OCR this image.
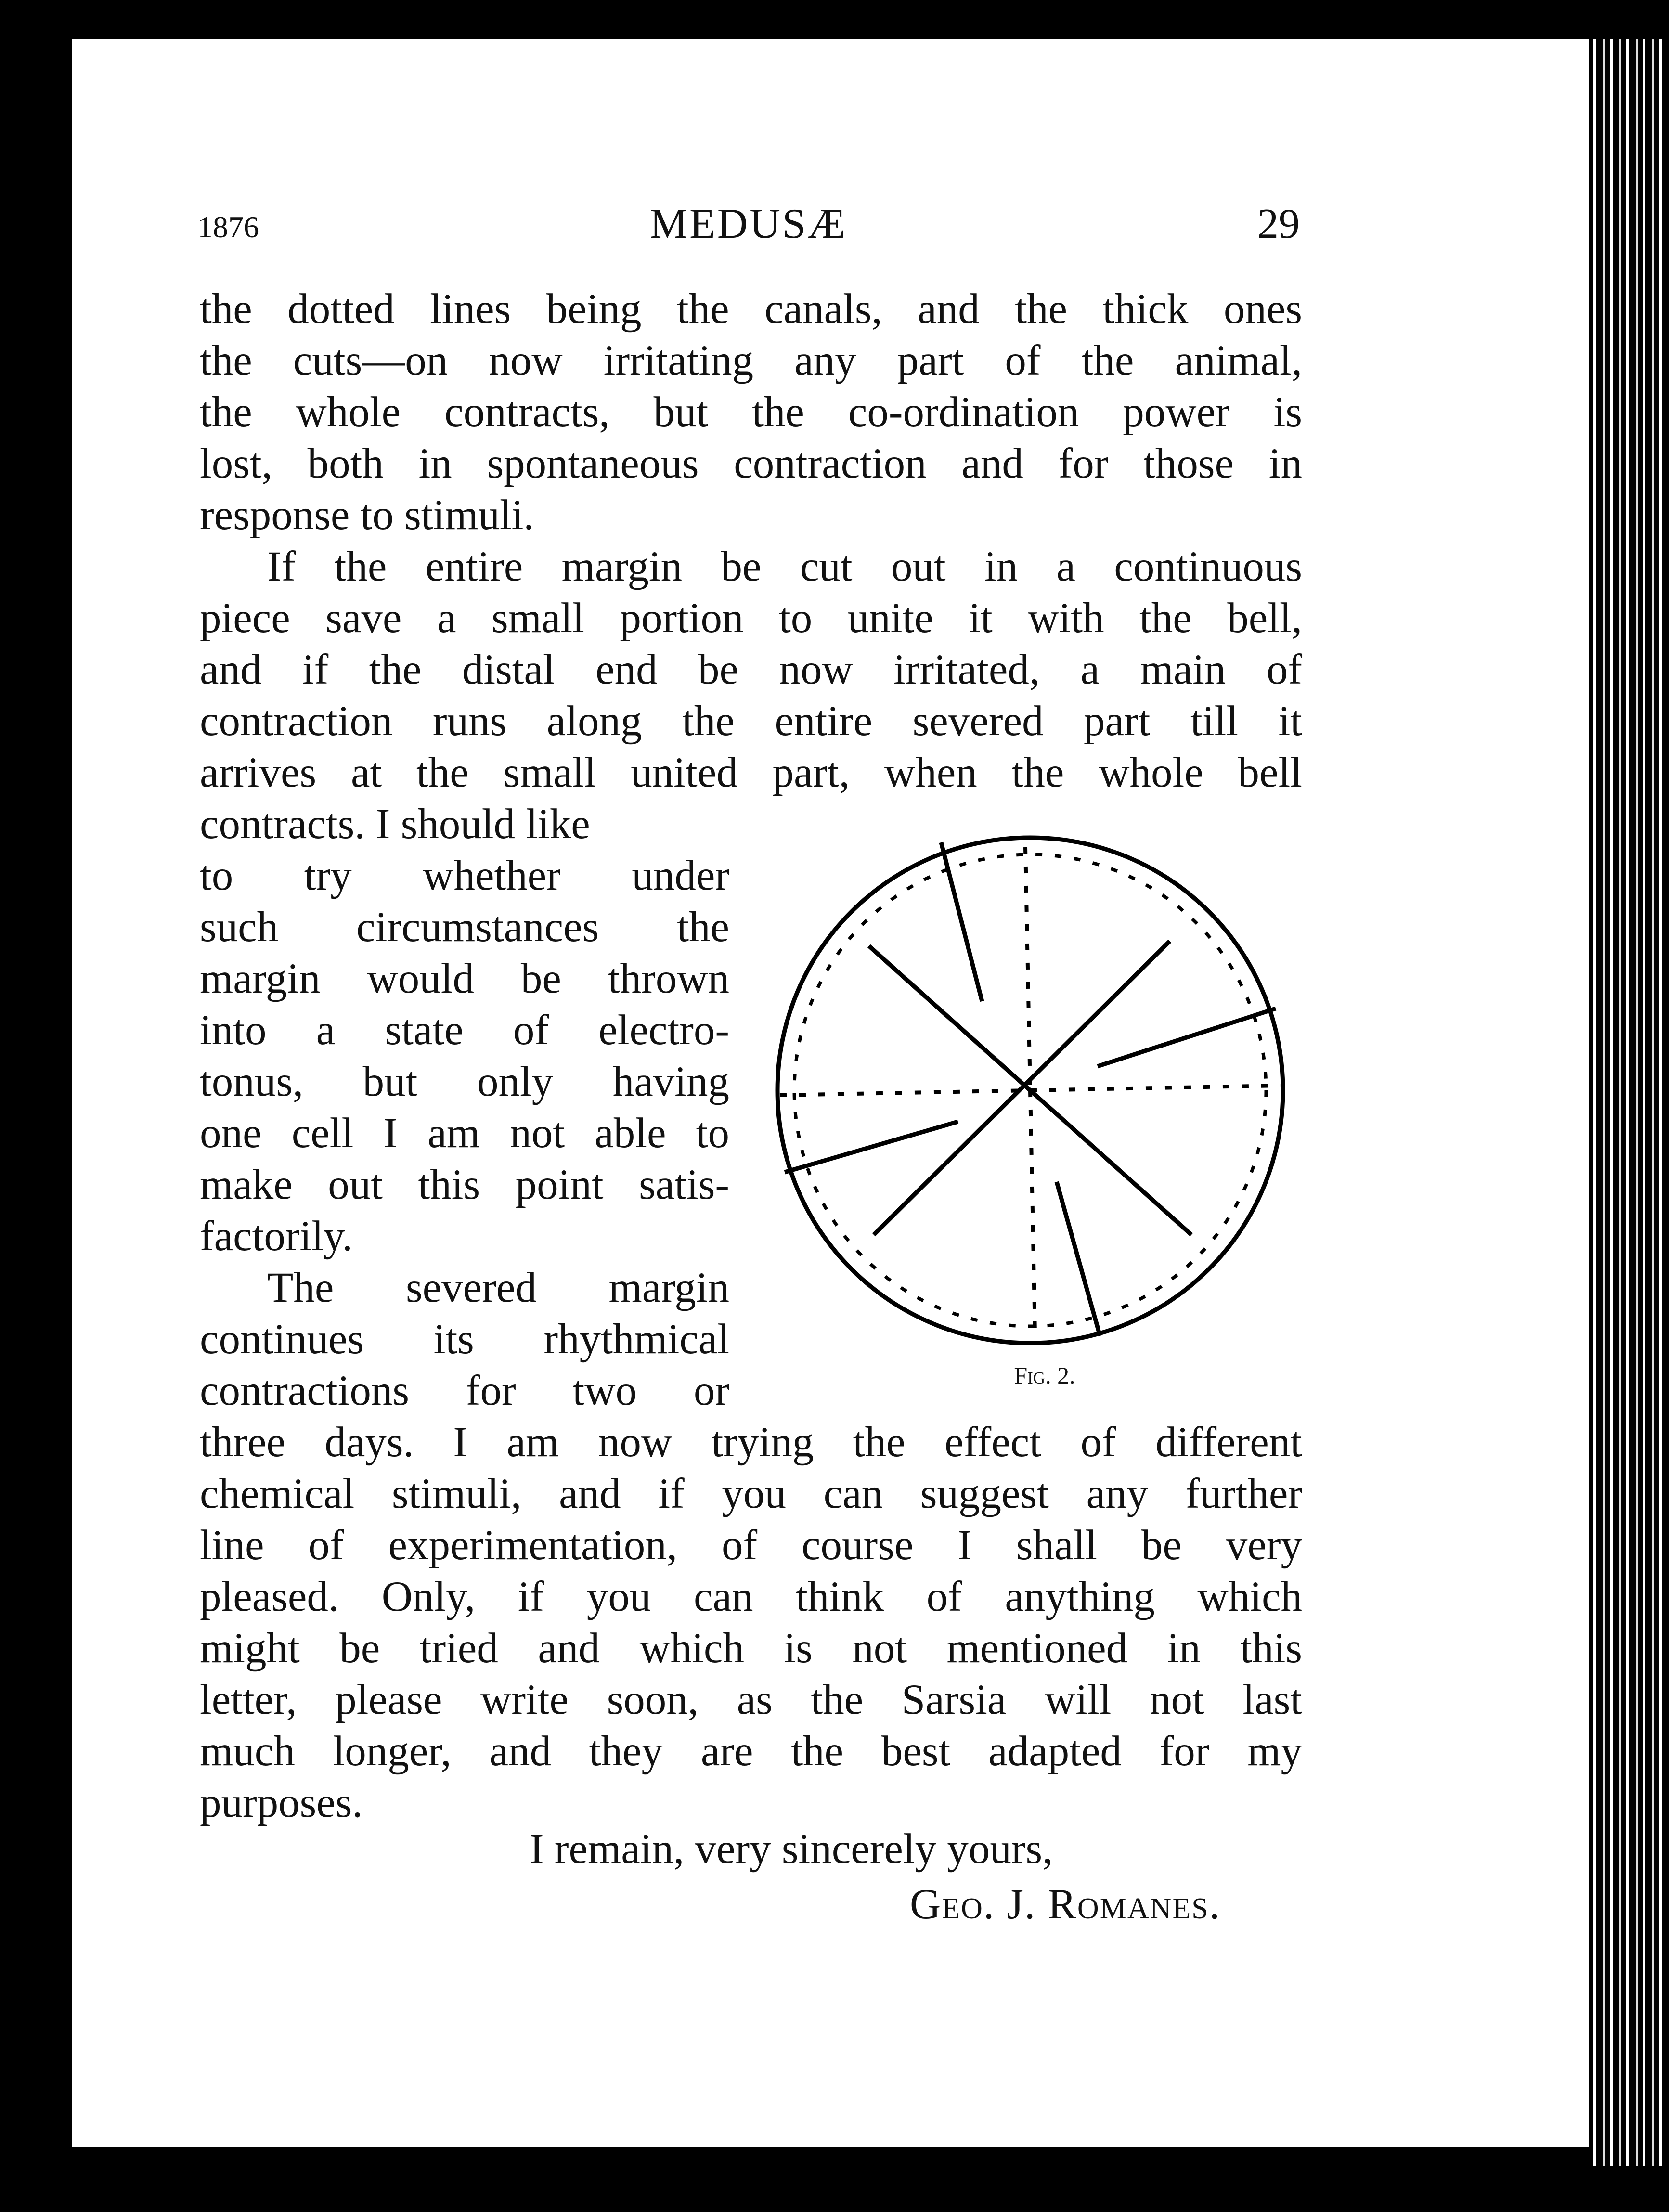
1876	MEDUSÆ	29
the dotted lines being the canals, and the thick ones
the cuts—on now irritating any part of the animal,
the whole contracts, but the co-ordination power is
lost, both in spontaneous contraction and for those in
response to stimuli.
If the entire margin be cut out in a continuous
piece save a small portion to unite it with the bell,
and if the distal end be now irritated, a main of
contraction runs along the entire severed part till it
arrives at the small united part, when the whole bell
contracts. I should like
to try whether under
such circumstances the
margin would be thrown
into a state of electro-
tonus, but only having
one cell I am not able to
make out this point satis-
factorily.
The severed margin
continues its rhythmical
contractions for two or
three days. I am now trying the effect of different
chemical stimuli, and if you can suggest any further
line of experimentation, of course I shall be very
pleased. Only, if you can think of anything which
might be tried and which is not mentioned in this
letter, please write soon, as the Sarsia will not last
much longer, and they are the best adapted for my
purposes.
Fig. 2.
I remain, very sincerely yours,
Geo. J. Romanes.
